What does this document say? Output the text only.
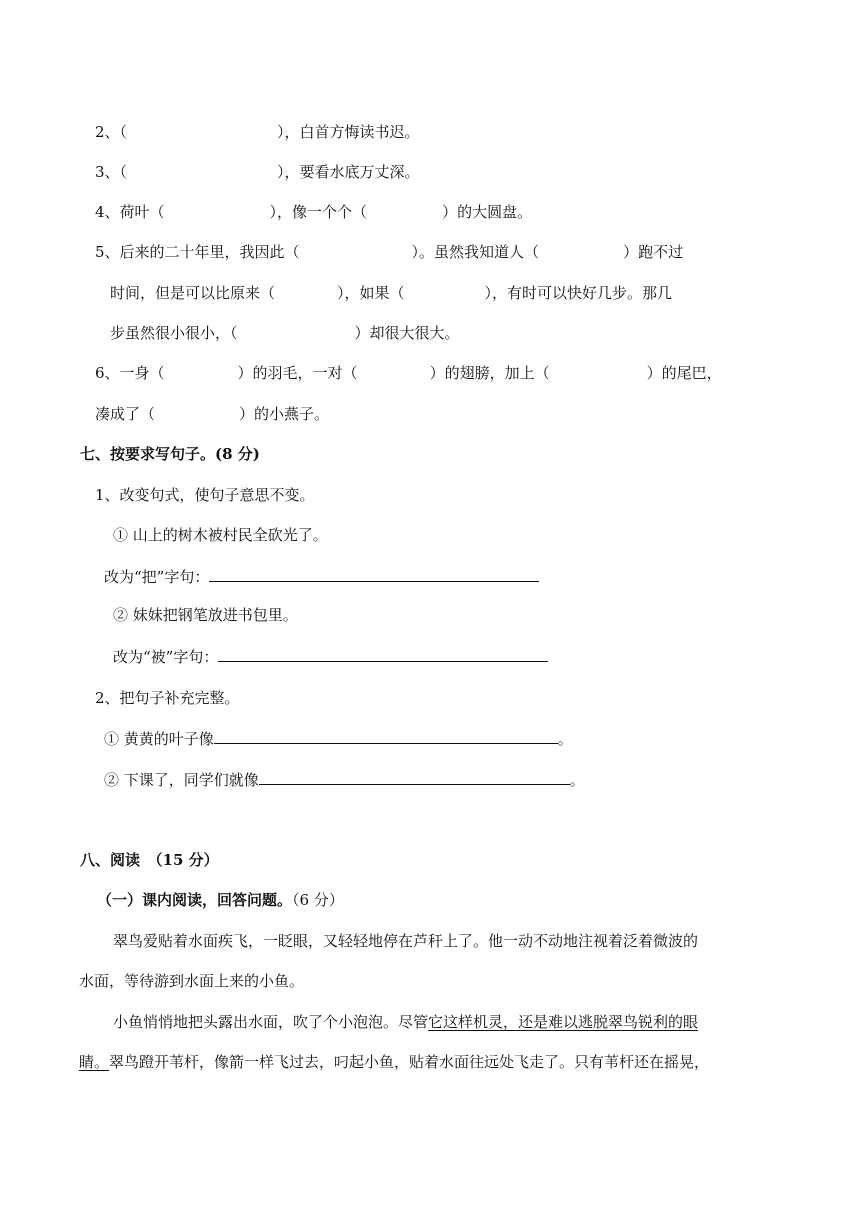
2、（	），白首方悔读书迟。
3、（	），要看水底万丈深。
4、荷叶（	），像一个个（	）的大圆盘。
5、后来的二十年里，我因此（	）。虽然我知道人（	）跑不过
时间，但是可以比原来（	），如果（	），有时可以快好几步。那几
步虽然很小很小，（	）却很大很大。
6、一身（	）的羽毛，一对（	）的翅膀，加上（	）的尾巴，
凑成了（	）的小燕子。
七、按要求写句子。(8 分)
1、改变句式，使句子意思不变。
① 山上的树木被村民全砍光了。
改为“把”字句：
② 妹妹把钢笔放进书包里。
改为“被”字句：
2、把句子补充完整。
① 黄黄的叶子像	。
② 下课了，同学们就像	。
八、阅读　（15 分）
（一）课内阅读，回答问题。（6 分）
翠鸟爱贴着水面疾飞，一眨眼，又轻轻地停在芦秆上了。他一动不动地注视着泛着微波的
水面，等待游到水面上来的小鱼。
小鱼悄悄地把头露出水面，吹了个小泡泡。尽管它这样机灵，还是难以逃脱翠鸟锐利的眼
睛。翠鸟蹬开苇杆，像箭一样飞过去，叼起小鱼，贴着水面往远处飞走了。只有苇杆还在摇晃，
